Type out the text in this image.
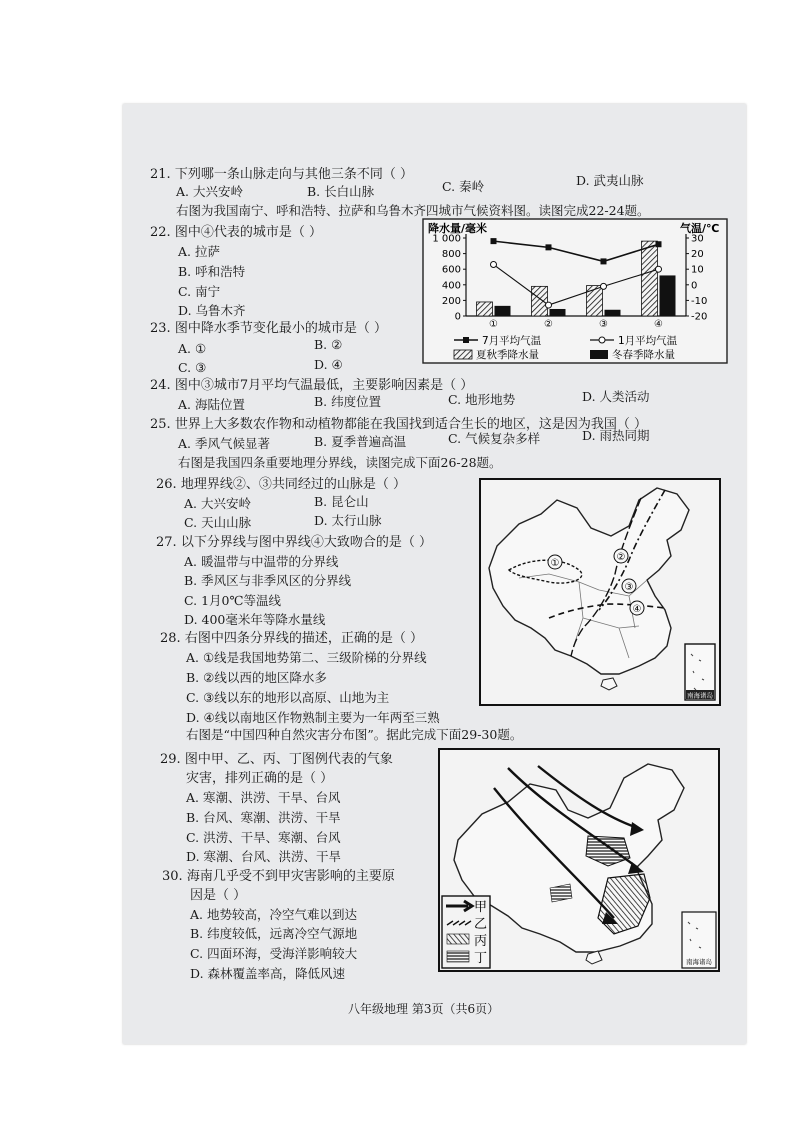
21. 下列哪一条山脉走向与其他三条不同（ ）
A. 大兴安岭	B. 长白山脉	C. 秦岭	D. 武夷山脉
右图为我国南宁、呼和浩特、拉萨和乌鲁木齐四城市气候资料图。读图完成22-24题。
22. 图中④代表的城市是（ ）
A. 拉萨
B. 呼和浩特
C. 南宁
D. 乌鲁木齐
23. 图中降水季节变化最小的城市是（ ）
A. ①	B. ②
C. ③	D. ④
降水量/毫米	气温/℃
0
200
400
600
800
1 000
-20
-10
0
10
20
30
①	②	③	④
7月平均气温	1月平均气温
夏秋季降水量	冬春季降水量
24. 图中③城市7月平均气温最低，主要影响因素是（ ）
A. 海陆位置	B. 纬度位置	C. 地形地势	D. 人类活动
25. 世界上大多数农作物和动植物都能在我国找到适合生长的地区，这是因为我国（ ）
A. 季风气候显著	B. 夏季普遍高温	C. 气候复杂多样	D. 雨热同期
右图是我国四条重要地理分界线，读图完成下面26-28题。
26. 地理界线②、③共同经过的山脉是（ ）
A. 大兴安岭	B. 昆仑山
C. 天山山脉	D. 太行山脉
27. 以下分界线与图中界线④大致吻合的是（ ）
A. 暖温带与中温带的分界线
B. 季风区与非季风区的分界线
C. 1月0℃等温线
D. 400毫米年等降水量线
28. 右图中四条分界线的描述，正确的是（ ）
A. ①线是我国地势第二、三级阶梯的分界线
B. ②线以西的地区降水多
C. ③线以东的地形以高原、山地为主
D. ④线以南地区作物熟制主要为一年两至三熟
右图是“中国四种自然灾害分布图”。据此完成下面29-30题。
①
②
③
④
南海诸岛
29. 图中甲、乙、丙、丁图例代表的气象
灾害，排列正确的是（ ）
A. 寒潮、洪涝、干旱、台风
B. 台风、寒潮、洪涝、干旱
C. 洪涝、干旱、寒潮、台风
D. 寒潮、台风、洪涝、干旱
30. 海南几乎受不到甲灾害影响的主要原
因是（ ）
A. 地势较高，冷空气难以到达
B. 纬度较低，远离冷空气源地
C. 四面环海，受海洋影响较大
D. 森林覆盖率高，降低风速
甲
乙
丙
丁	南海诸岛
八年级地理 第3页（共6页）
